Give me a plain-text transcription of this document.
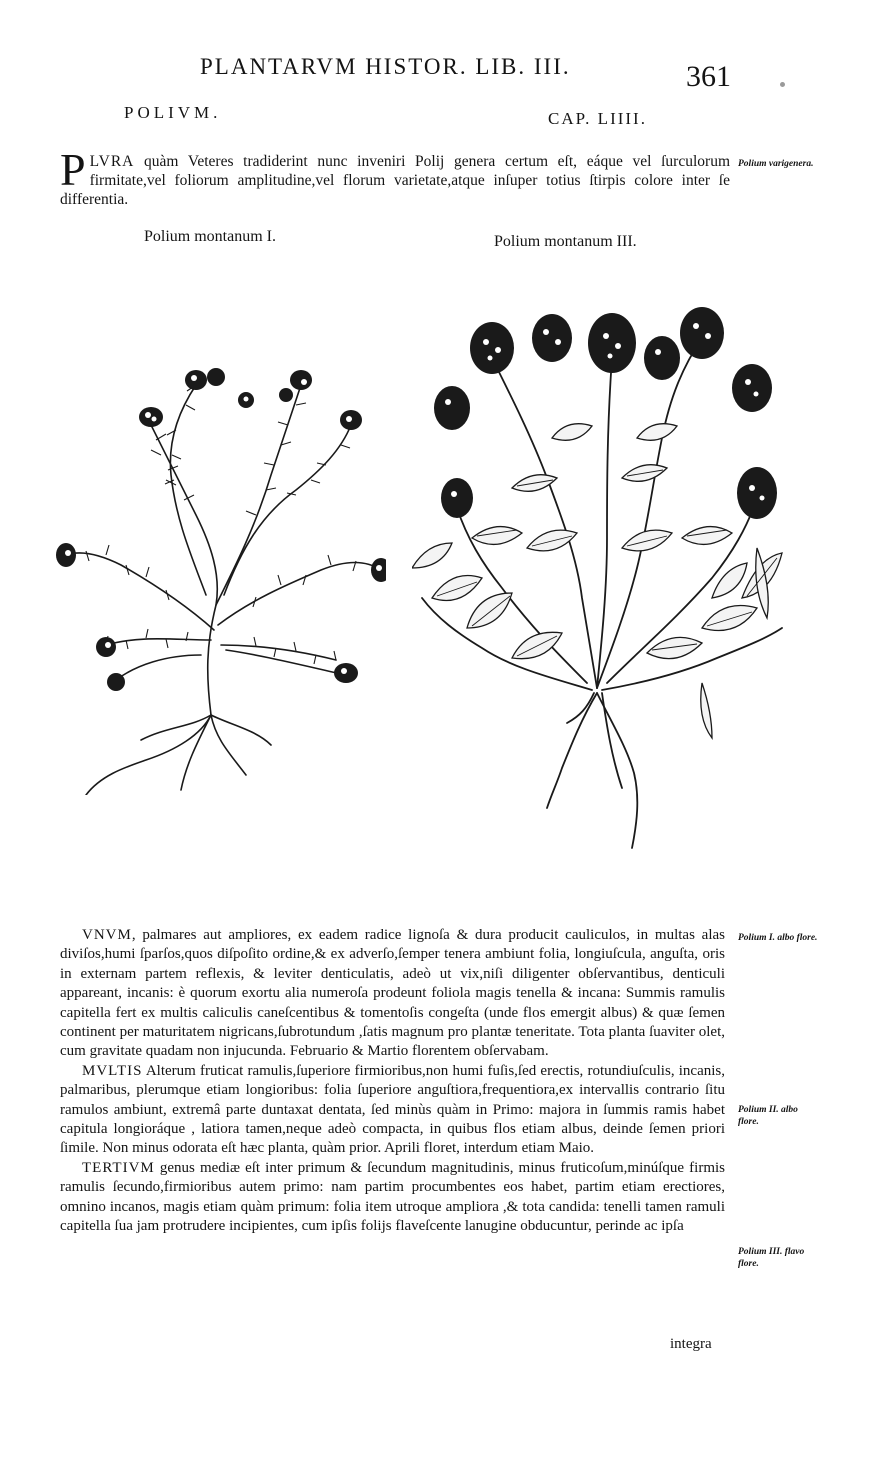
PLANTARVM HISTOR. LIB. III.	361
POLIVM.	CAP. LIIII.
P LVRA quàm Veteres tradiderint nunc inveniri Polij genera certum eſt, eáque vel ſurculorum firmitate,vel foliorum amplitudine,vel florum varietate,atque inſuper totius ſtirpis colore inter ſe differentia.
Polium varigenera.
Polium montanum I.	Polium montanum III.

VNVM, palmares aut ampliores, ex eadem radice lignoſa & dura producit cauliculos, in multas alas diviſos,humi ſparſos,quos diſpoſito ordine,& ex adverſo,ſemper tenera ambiunt folia, longiuſcula, anguſta, oris in externam partem reflexis, & leviter denticulatis, adeò ut vix,niſi diligenter obſervantibus, denticuli appareant, incanis: è quorum exortu alia numeroſa prodeunt foliola magis tenella & incana: Summis ramulis capitella fert ex multis caliculis caneſcentibus & tomentoſis congeſta (unde flos emergit albus) & quæ ſemen continent per maturitatem nigricans,ſubrotundum ,ſatis magnum pro plantæ teneritate. Tota planta ſuaviter olet, cum gravitate quadam non injucunda. Februario & Martio florentem obſervabam.

MVLTIS Alterum fruticat ramulis,ſuperiore firmioribus,non humi fuſis,ſed erectis, rotundiuſculis, incanis, palmaribus, plerumque etiam longioribus: folia ſuperiore anguſtiora,frequentiora,ex intervallis contrario ſitu ramulos ambiunt, extremâ parte duntaxat dentata, ſed minùs quàm in Primo: majora in ſummis ramis habet capitula longioráque , latiora tamen,neque adeò compacta, in quibus flos etiam albus, deinde ſemen priori ſimile. Non minus odorata eſt hæc planta, quàm prior. Aprili floret, interdum etiam Maio.

TERTIVM genus mediæ eſt inter primum & ſecundum magnitudinis, minus fruticoſum,minúſque firmis ramulis ſecundo,firmioribus autem primo: nam partim procumbentes eos habet, partim etiam erectiores, omnino incanos, magis etiam quàm primum: folia item utroque ampliora ,& tota candida: tenelli tamen ramuli capitella ſua jam protrudere incipientes, cum ipſis folijs flaveſcente lanugine obducuntur, perinde ac ipſa

Polium I. albo flore.
Polium II. albo flore.
Polium III. flavo flore.
integra
